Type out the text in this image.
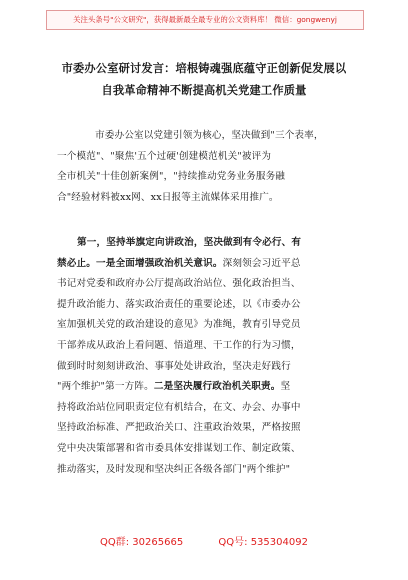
关注头条号"公文研究"，获得最新最全最专业的公文资料库！ 微信：gongwenyj
市委办公室研讨发言：培根铸魂强底蕴守正创新促发展以
自我革命精神不断提高机关党建工作质量
市委办公室以党建引领为核心，坚决做到"三个表率，
一个模范"、"聚焦'五个过硬'创建模范机关"被评为
全市机关"十佳创新案例"，"持续推动党务业务服务融
合"经验材料被xx网、xx日报等主流媒体采用推广。
第一，坚持举旗定向讲政治，坚决做到有令必行、有
禁必止。一是全面增强政治机关意识。深刻领会习近平总
书记对党委和政府办公厅提高政治站位、强化政治担当、
提升政治能力、落实政治责任的重要论述，以《市委办公
室加强机关党的政治建设的意见》为准绳，教育引导党员
干部养成从政治上看问题、悟道理、干工作的行为习惯，
做到时时刻刻讲政治、事事处处讲政治，坚决走好践行
"两个维护"第一方阵。二是坚决履行政治机关职责。坚
持将政治站位同职责定位有机结合，在文、办会、办事中
坚持政治标准、严把政治关口、注重政治效果，严格按照
党中央决策部署和省市委具体安排谋划工作、制定政策、
推动落实，及时发现和坚决纠正各级各部门"两个维护"
QQ群: 30265665	QQ号: 535304092
